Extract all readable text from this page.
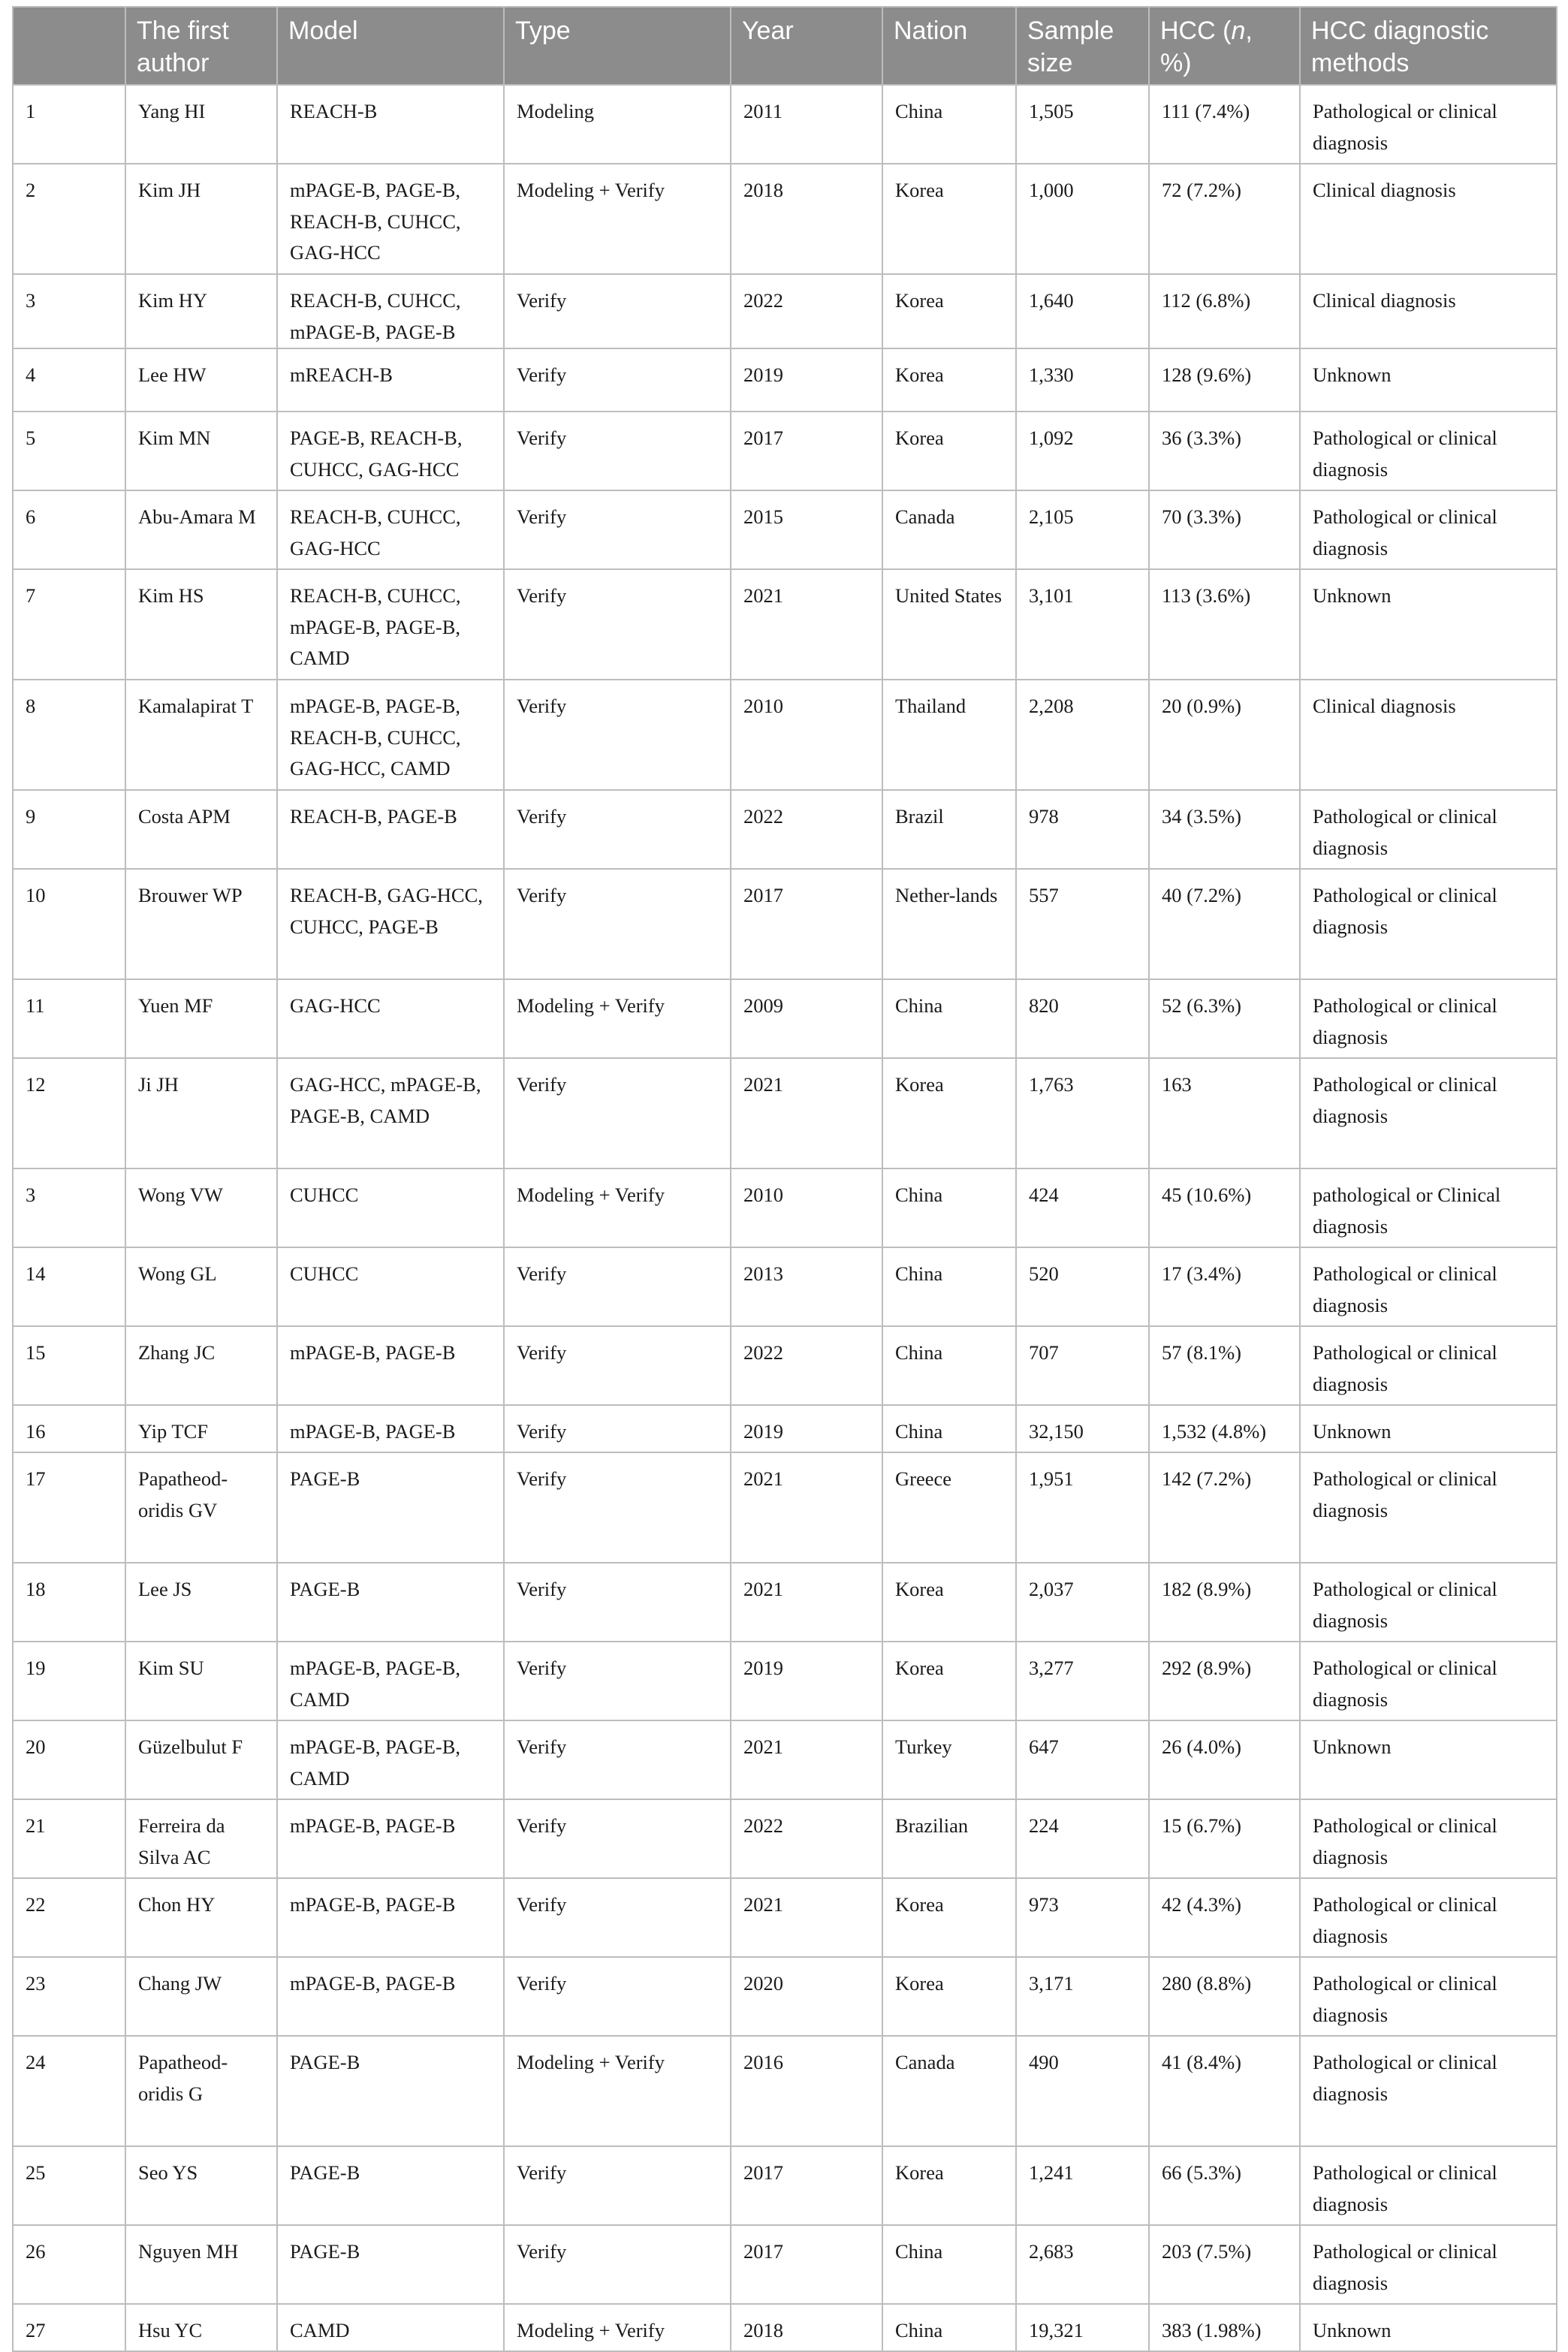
	The first author	Model	Type	Year	Nation	Sample size	HCC (n, %)	HCC diagnostic methods
1	Yang HI	REACH-B	Modeling	2011	China	1,505	111 (7.4%)	Pathological or clinical diagnosis
2	Kim JH	mPAGE-B, PAGE-B, REACH-B, CUHCC, GAG-HCC	Modeling + Verify	2018	Korea	1,000	72 (7.2%)	Clinical diagnosis
3	Kim HY	REACH-B, CUHCC, mPAGE-B, PAGE-B	Verify	2022	Korea	1,640	112 (6.8%)	Clinical diagnosis
4	Lee HW	mREACH-B	Verify	2019	Korea	1,330	128 (9.6%)	Unknown
5	Kim MN	PAGE-B, REACH-B, CUHCC, GAG-HCC	Verify	2017	Korea	1,092	36 (3.3%)	Pathological or clinical diagnosis
6	Abu-Amara M	REACH-B, CUHCC, GAG-HCC	Verify	2015	Canada	2,105	70 (3.3%)	Pathological or clinical diagnosis
7	Kim HS	REACH-B, CUHCC, mPAGE-B, PAGE-B, CAMD	Verify	2021	United States	3,101	113 (3.6%)	Unknown
8	Kamalapirat T	mPAGE-B, PAGE-B, REACH-B, CUHCC, GAG-HCC, CAMD	Verify	2010	Thailand	2,208	20 (0.9%)	Clinical diagnosis
9	Costa APM	REACH-B, PAGE-B	Verify	2022	Brazil	978	34 (3.5%)	Pathological or clinical diagnosis
10	Brouwer WP	REACH-B, GAG-HCC, CUHCC, PAGE-B	Verify	2017	Nether-lands	557	40 (7.2%)	Pathological or clinical diagnosis
11	Yuen MF	GAG-HCC	Modeling + Verify	2009	China	820	52 (6.3%)	Pathological or clinical diagnosis
12	Ji JH	GAG-HCC, mPAGE-B, PAGE-B, CAMD	Verify	2021	Korea	1,763	163	Pathological or clinical diagnosis
3	Wong VW	CUHCC	Modeling + Verify	2010	China	424	45 (10.6%)	pathological or Clinical diagnosis
14	Wong GL	CUHCC	Verify	2013	China	520	17 (3.4%)	Pathological or clinical diagnosis
15	Zhang JC	mPAGE-B, PAGE-B	Verify	2022	China	707	57 (8.1%)	Pathological or clinical diagnosis
16	Yip TCF	mPAGE-B, PAGE-B	Verify	2019	China	32,150	1,532 (4.8%)	Unknown
17	Papatheod-oridis GV	PAGE-B	Verify	2021	Greece	1,951	142 (7.2%)	Pathological or clinical diagnosis
18	Lee JS	PAGE-B	Verify	2021	Korea	2,037	182 (8.9%)	Pathological or clinical diagnosis
19	Kim SU	mPAGE-B, PAGE-B, CAMD	Verify	2019	Korea	3,277	292 (8.9%)	Pathological or clinical diagnosis
20	Güzelbulut F	mPAGE-B, PAGE-B, CAMD	Verify	2021	Turkey	647	26 (4.0%)	Unknown
21	Ferreira da Silva AC	mPAGE-B, PAGE-B	Verify	2022	Brazilian	224	15 (6.7%)	Pathological or clinical diagnosis
22	Chon HY	mPAGE-B, PAGE-B	Verify	2021	Korea	973	42 (4.3%)	Pathological or clinical diagnosis
23	Chang JW	mPAGE-B, PAGE-B	Verify	2020	Korea	3,171	280 (8.8%)	Pathological or clinical diagnosis
24	Papatheod-oridis G	PAGE-B	Modeling + Verify	2016	Canada	490	41 (8.4%)	Pathological or clinical diagnosis
25	Seo YS	PAGE-B	Verify	2017	Korea	1,241	66 (5.3%)	Pathological or clinical diagnosis
26	Nguyen MH	PAGE-B	Verify	2017	China	2,683	203 (7.5%)	Pathological or clinical diagnosis
27	Hsu YC	CAMD	Modeling + Verify	2018	China	19,321	383 (1.98%)	Unknown
